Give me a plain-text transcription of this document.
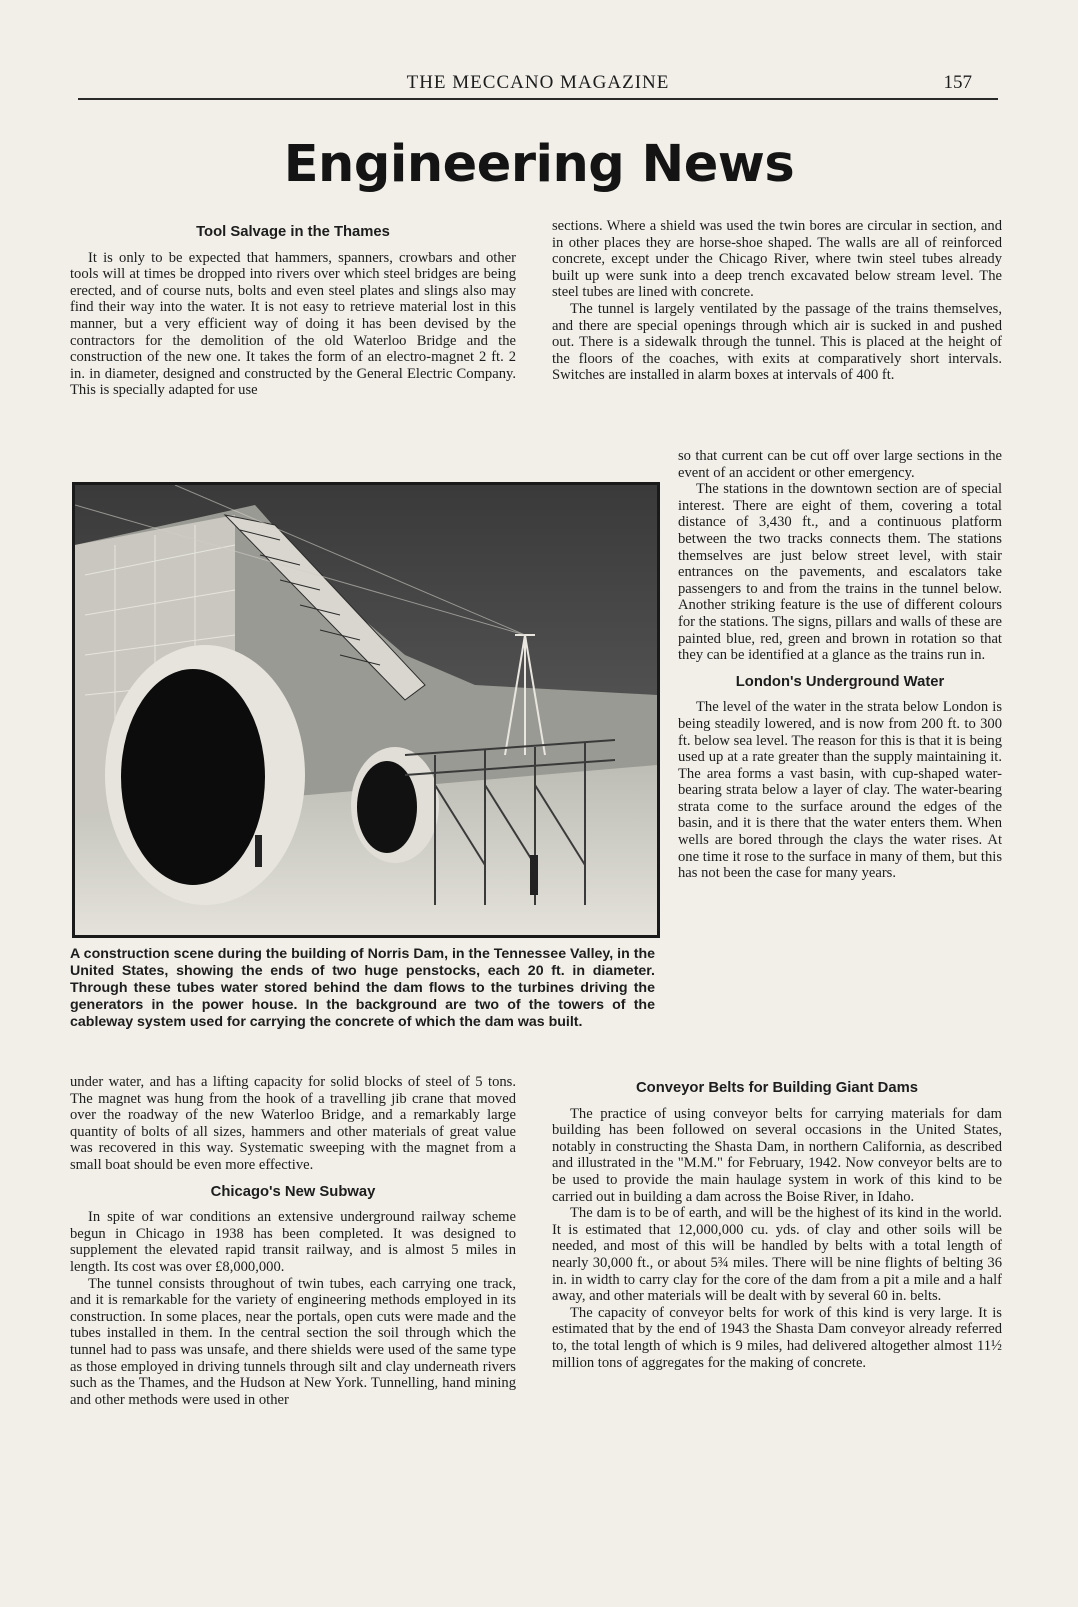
THE MECCANO MAGAZINE	157
Engineering News
Tool Salvage in the Thames

It is only to be expected that hammers, spanners, crowbars and other tools will at times be dropped into rivers over which steel bridges are being erected, and of course nuts, bolts and even steel plates and slings also may find their way into the water. It is not easy to retrieve material lost in this manner, but a very efficient way of doing it has been devised by the contractors for the demolition of the old Waterloo Bridge and the construction of the new one. It takes the form of an electro-magnet 2 ft. 2 in. in diameter, designed and constructed by the General Electric Company. This is specially adapted for use

sections. Where a shield was used the twin bores are circular in section, and in other places they are horse-shoe shaped. The walls are all of reinforced concrete, except under the Chicago River, where twin steel tubes already built up were sunk into a deep trench excavated below stream level. The steel tubes are lined with concrete.

The tunnel is largely ventilated by the passage of the trains themselves, and there are special openings through which air is sucked in and pushed out. There is a sidewalk through the tunnel. This is placed at the height of the floors of the coaches, with exits at comparatively short intervals. Switches are installed in alarm boxes at intervals of 400 ft.

so that current can be cut off over large sections in the event of an accident or other emergency.

The stations in the downtown section are of special interest. There are eight of them, covering a total distance of 3,430 ft., and a continuous platform between the two tracks connects them. The stations themselves are just below street level, with stair entrances on the pavements, and escalators take passengers to and from the trains in the tunnel below. Another striking feature is the use of different colours for the stations. The signs, pillars and walls of these are painted blue, red, green and brown in rotation so that they can be identified at a glance as the trains run in.

London's Underground Water

The level of the water in the strata below London is being steadily lowered, and is now from 200 ft. to 300 ft. below sea level. The reason for this is that it is being used up at a rate greater than the supply maintaining it. The area forms a vast basin, with cup-shaped water-bearing strata below a layer of clay. The water-bearing strata come to the surface around the edges of the basin, and it is there that the water enters them. When wells are bored through the clays the water rises. At one time it rose to the surface in many of them, but this has not been the case for many years.

A construction scene during the building of Norris Dam, in the Tennessee Valley, in the United States, showing the ends of two huge penstocks, each 20 ft. in diameter. Through these tubes water stored behind the dam flows to the turbines driving the generators in the power house. In the background are two of the towers of the cableway system used for carrying the concrete of which the dam was built.

under water, and has a lifting capacity for solid blocks of steel of 5 tons. The magnet was hung from the hook of a travelling jib crane that moved over the roadway of the new Waterloo Bridge, and a remarkably large quantity of bolts of all sizes, hammers and other materials of great value was recovered in this way. Systematic sweeping with the magnet from a small boat should be even more effective.

Chicago's New Subway

In spite of war conditions an extensive underground railway scheme begun in Chicago in 1938 has been completed. It was designed to supplement the elevated rapid transit railway, and is almost 5 miles in length. Its cost was over £8,000,000.

The tunnel consists throughout of twin tubes, each carrying one track, and it is remarkable for the variety of engineering methods employed in its construction. In some places, near the portals, open cuts were made and the tubes installed in them. In the central section the soil through which the tunnel had to pass was unsafe, and there shields were used of the same type as those employed in driving tunnels through silt and clay underneath rivers such as the Thames, and the Hudson at New York. Tunnelling, hand mining and other methods were used in other

Conveyor Belts for Building Giant Dams

The practice of using conveyor belts for carrying materials for dam building has been followed on several occasions in the United States, notably in constructing the Shasta Dam, in northern California, as described and illustrated in the "M.M." for February, 1942. Now conveyor belts are to be used to provide the main haulage system in work of this kind to be carried out in building a dam across the Boise River, in Idaho.

The dam is to be of earth, and will be the highest of its kind in the world. It is estimated that 12,000,000 cu. yds. of clay and other soils will be needed, and most of this will be handled by belts with a total length of nearly 30,000 ft., or about 5¾ miles. There will be nine flights of belting 36 in. in width to carry clay for the core of the dam from a pit a mile and a half away, and other materials will be dealt with by several 60 in. belts.

The capacity of conveyor belts for work of this kind is very large. It is estimated that by the end of 1943 the Shasta Dam conveyor already referred to, the total length of which is 9 miles, had delivered altogether almost 11½ million tons of aggregates for the making of concrete.
